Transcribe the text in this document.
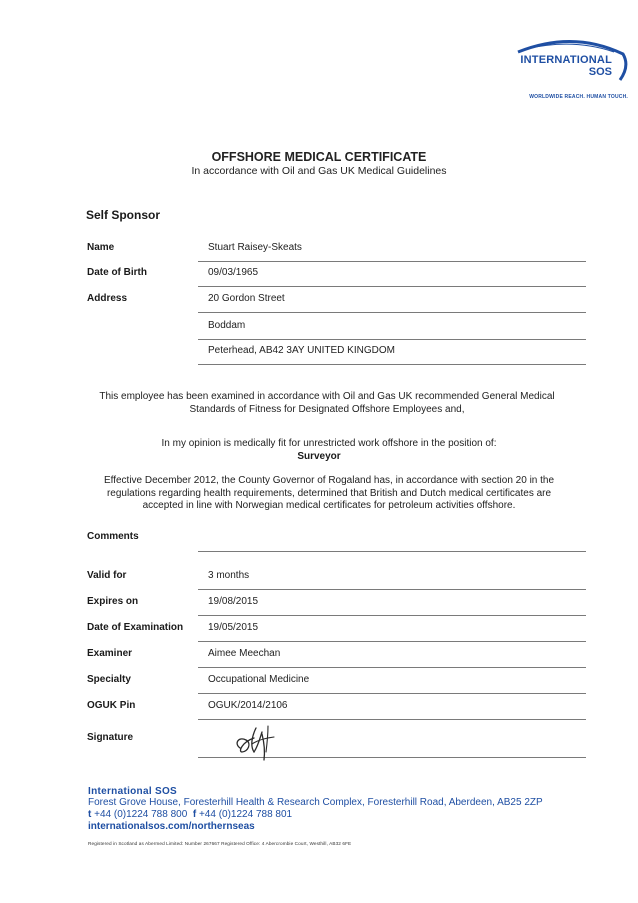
INTERNATIONAL
SOS
WORLDWIDE REACH. HUMAN TOUCH.
OFFSHORE MEDICAL CERTIFICATE
In accordance with Oil and Gas UK Medical Guidelines
Self Sponsor
Name	Stuart Raisey-Skeats
Date of Birth	09/03/1965
Address	20 Gordon Street
Boddam
Peterhead, AB42 3AY UNITED KINGDOM
This employee has been examined in accordance with Oil and Gas UK recommended General Medical Standards of Fitness for Designated Offshore Employees and,
In my opinion is medically fit for unrestricted work offshore in the position of:
Surveyor
Effective December 2012, the County Governor of Rogaland has, in accordance with section 20 in the regulations regarding health requirements, determined that British and Dutch medical certificates are accepted in line with Norwegian medical certificates for petroleum activities offshore.
Comments
Valid for	3 months
Expires on	19/08/2015
Date of Examination 19/05/2015
Examiner	Aimee Meechan
Specialty	Occupational Medicine
OGUK Pin	OGUK/2014/2106
Signature
International SOS
Forest Grove House, Foresterhill Health & Research Complex, Foresterhill Road, Aberdeen, AB25 2ZP
t +44 (0)1224 788 800 f +44 (0)1224 788 801
internationalsos.com/northernseas
Registered in Scotland as Abermed Limited: Number 267667 Registered Office: 4 Abercrombie Court, Westhill, AB32 6FE
